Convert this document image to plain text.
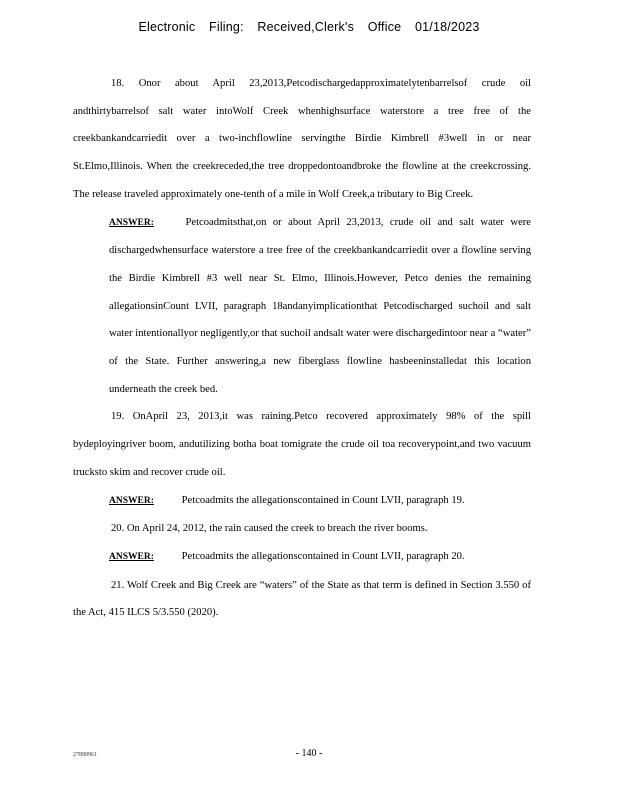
Electronic Filing: Received,Clerk's Office 01/18/2023

18. Onor about April 23,2013,Petcodischargedapproximatelytenbarrelsof crude oil andthirtybarrelsof salt water intoWolf Creek whenhighsurface waterstore a tree free of the creekbankandcarriedit over a two-inchflowline servingthe Birdie Kimbrell #3well in or near St.Elmo,Illinois. When the creekreceded,the tree droppedontoandbroke the flowline at the creekcrossing. The release traveled approximately one-tenth of a mile in Wolf Creek,a tributary to Big Creek.

ANSWER:	Petcoadmitsthat,on or about April 23,2013, crude oil and salt water were dischargedwhensurface waterstore a tree free of the creekbankandcarriedit over a flowline serving the Birdie Kimbrell #3 well near St. Elmo, Illinois.However, Petco denies the remaining allegationsinCount LVII, paragraph 18andanyimplicationthat Petcodischarged suchoil and salt water intentionallyor negligently,or that suchoil andsalt water were dischargedintoor near a “water” of the State. Further answering,a new fiberglass flowline hasbeeninstalledat this location underneath the creek bed.

19. OnApril 23, 2013,it was raining.Petco recovered approximately 98% of the spill bydeployingriver boom, andutilizing botha boat tomigrate the crude oil toa recoverypoint,and two vacuum trucksto skim and recover crude oil.

ANSWER:	Petcoadmits the allegationscontained in Count LVII, paragraph 19.

20. On April 24, 2012, the rain caused the creek to breach the river booms.

ANSWER:	Petcoadmits the allegationscontained in Count LVII, paragraph 20.

21. Wolf Creek and Big Creek are “waters” of the State as that term is defined in Section 3.550 of the Act, 415 ILCS 5/3.550 (2020).

27890961	- 140 -
